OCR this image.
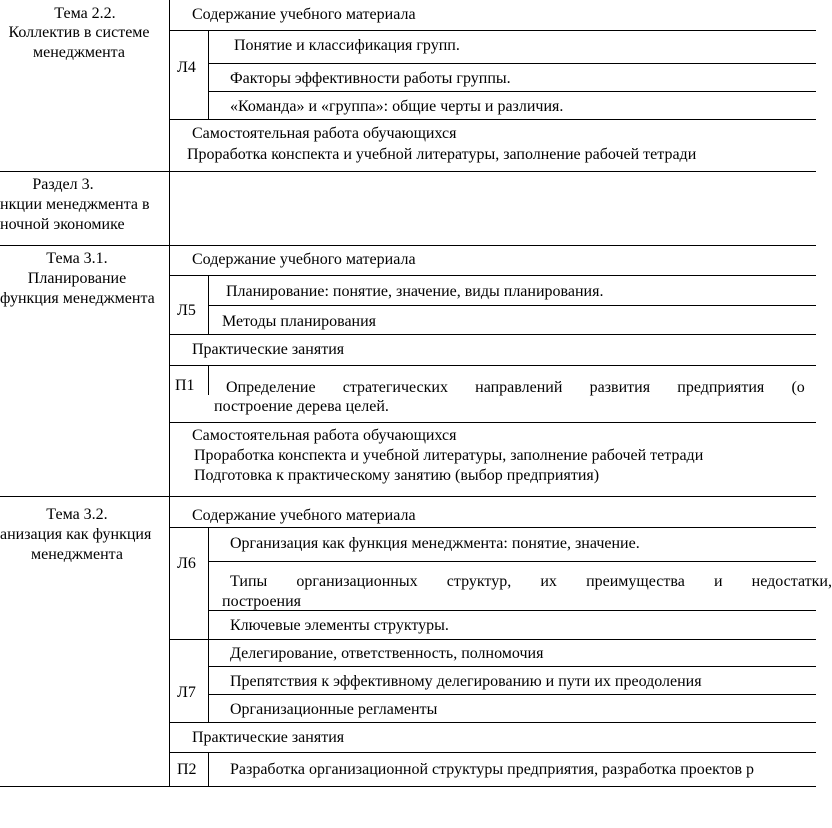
Тема 2.2.
Коллектив в системе
менеджмента
Раздел 3.
нкции менеджмента в
ночной экономике
Тема 3.1.
Планирование
функция менеджмента
Тема 3.2.
анизация как функция
менеджмента
Содержание учебного материала
Л4
Понятие и классификация групп.
Факторы эффективности работы группы.
«Команда» и «группа»: общие черты и различия.
Самостоятельная работа обучающихся
Проработка конспекта и учебной литературы, заполнение рабочей тетради
Содержание учебного материала
Л5
Планирование: понятие, значение, виды планирования.
Методы планирования
Практические занятия
П1 Определение стратегических направлений развития предприятия (о
построение дерева целей.
Самостоятельная работа обучающихся
Проработка конспекта и учебной литературы, заполнение рабочей тетради
Подготовка к практическому занятию (выбор предприятия)
Содержание учебного материала
Л6
Организация как функция менеджмента: понятие, значение.
Типы организационных структур, их преимущества и недостатки,
построения
Ключевые элементы структуры.
Л7
Делегирование, ответственность, полномочия
Препятствия к эффективному делегированию и пути их преодоления
Организационные регламенты
Практические занятия
П2 Разработка организационной структуры предприятия, разработка проектов р
